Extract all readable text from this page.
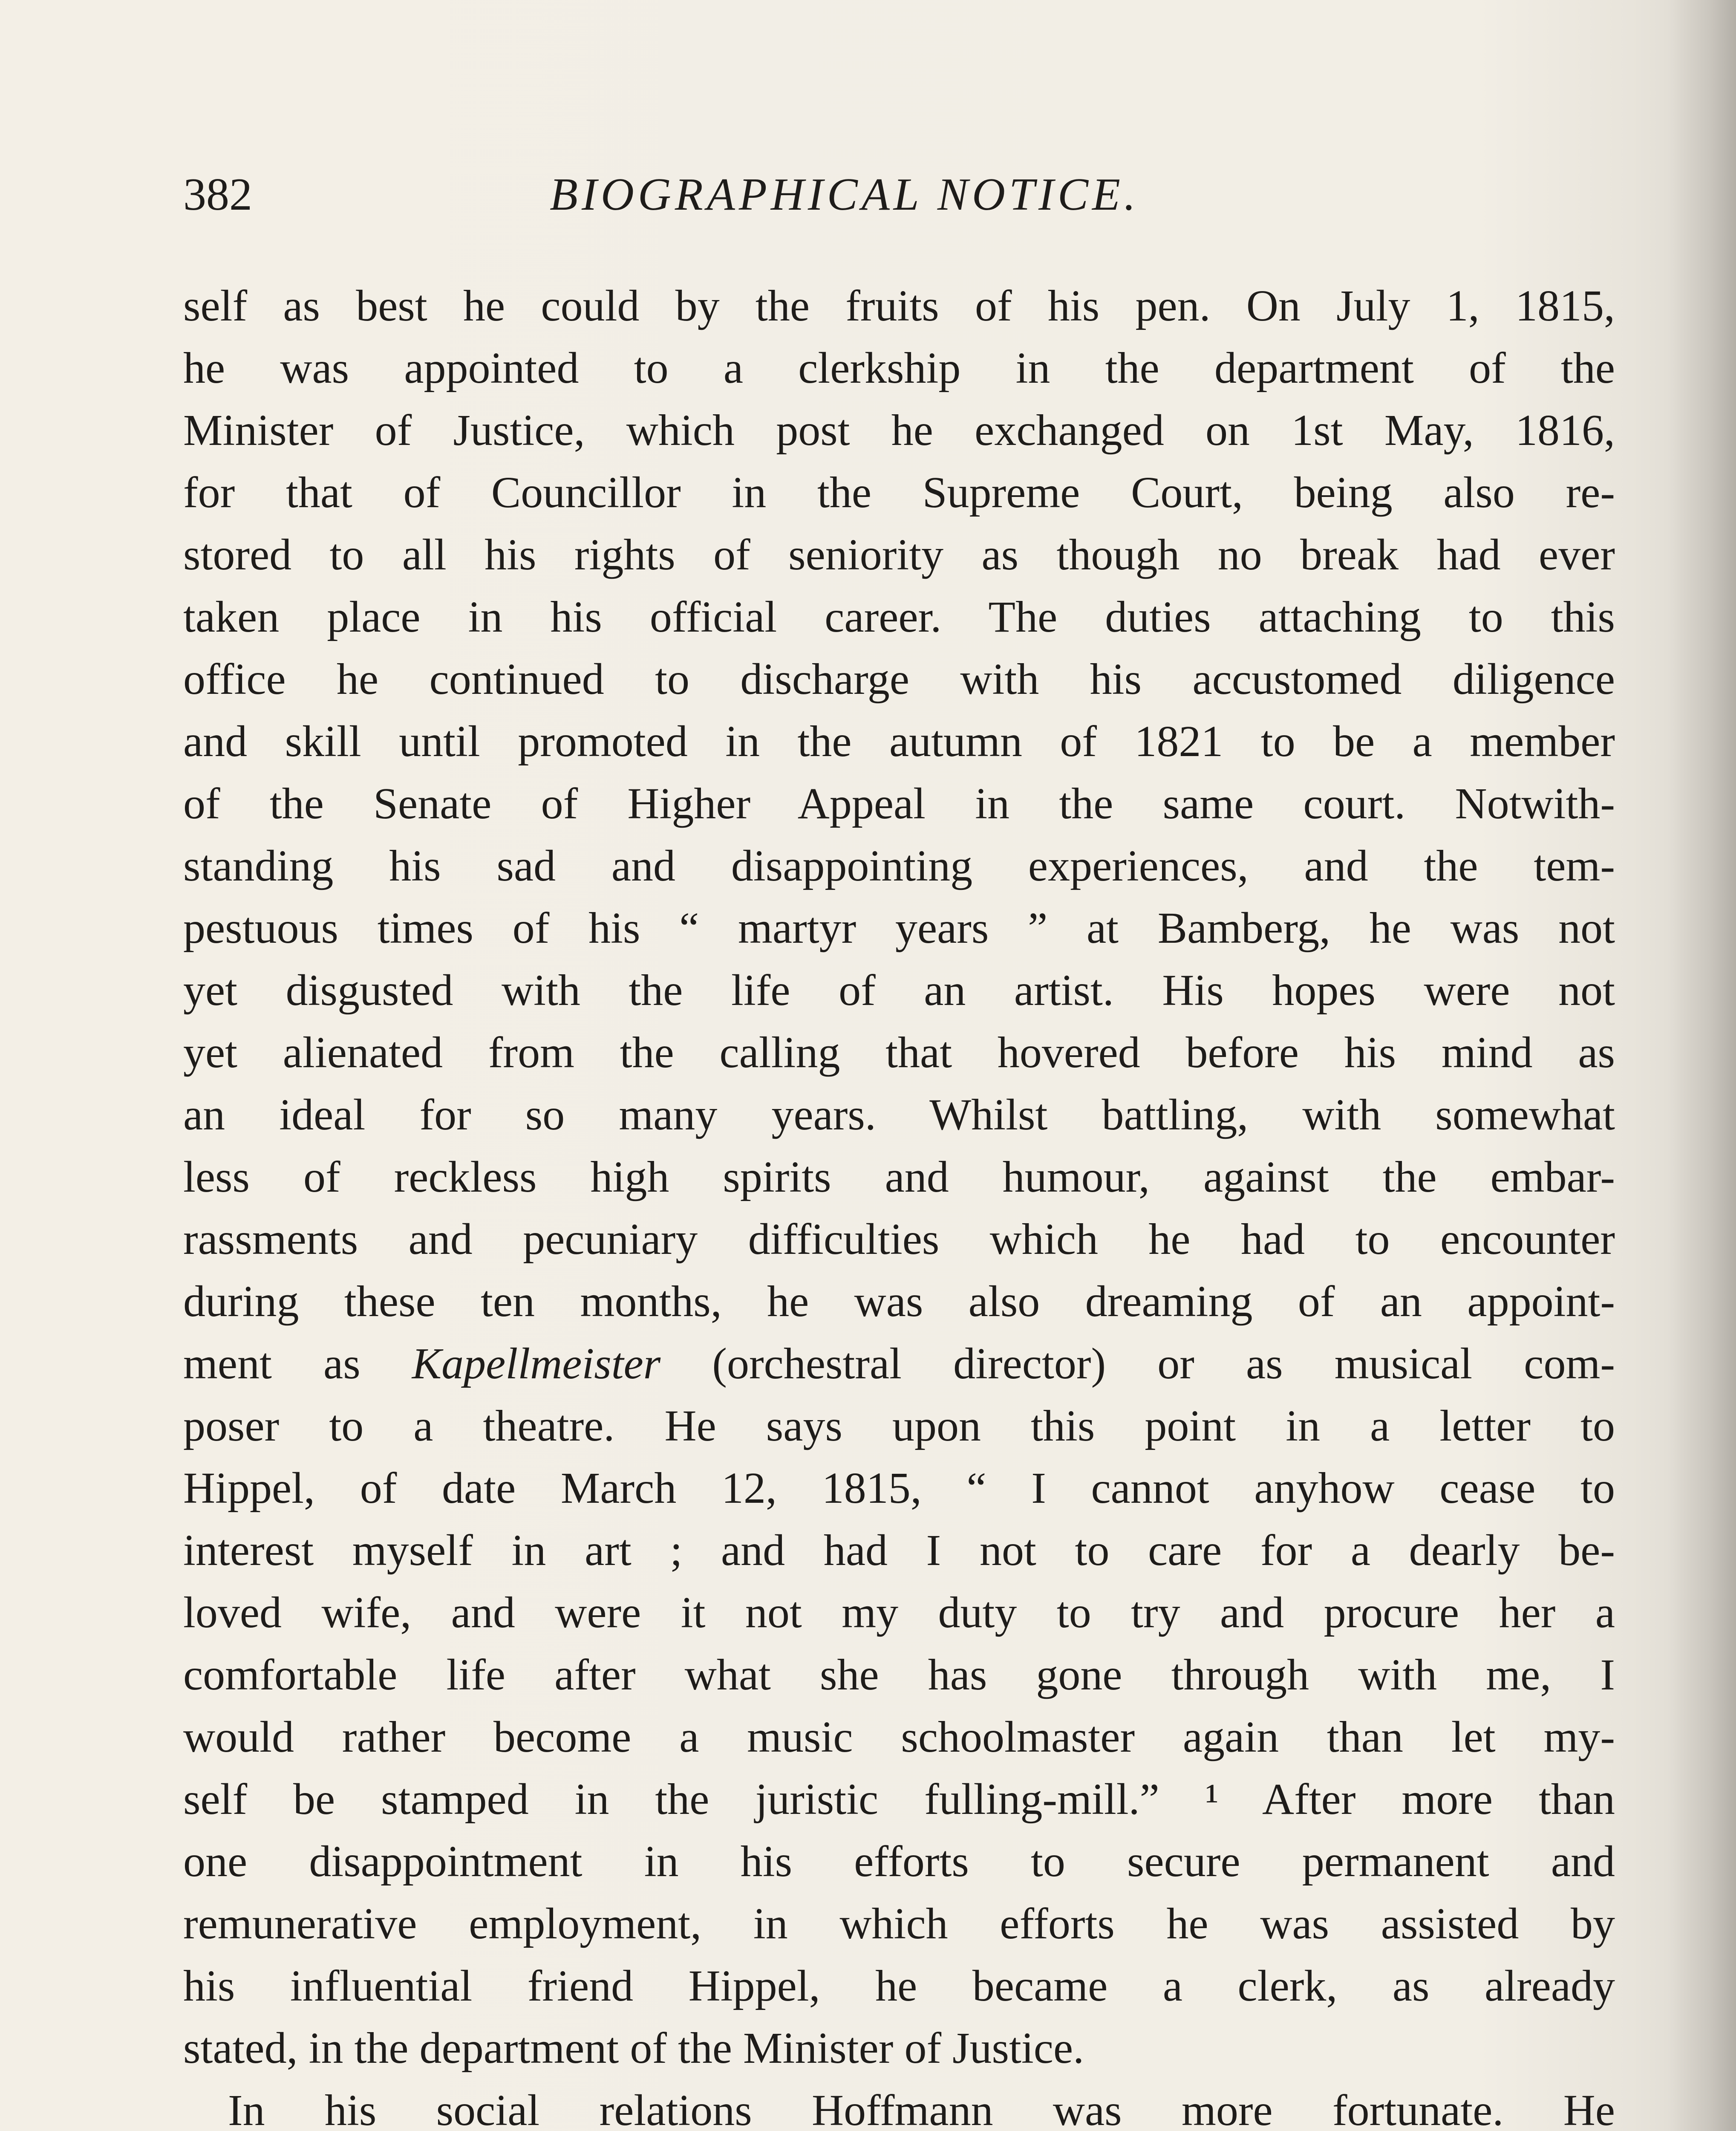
382	BIOGRAPHICAL NOTICE.
self as best he could by the fruits of his pen. On July 1, 1815,
he was appointed to a clerkship in the department of the
Minister of Justice, which post he exchanged on 1st May, 1816,
for that of Councillor in the Supreme Court, being also re-
stored to all his rights of seniority as though no break had ever
taken place in his official career. The duties attaching to this
office he continued to discharge with his accustomed diligence
and skill until promoted in the autumn of 1821 to be a member
of the Senate of Higher Appeal in the same court. Notwith-
standing his sad and disappointing experiences, and the tem-
pestuous times of his “ martyr years ” at Bamberg, he was not
yet disgusted with the life of an artist. His hopes were not
yet alienated from the calling that hovered before his mind as
an ideal for so many years. Whilst battling, with somewhat
less of reckless high spirits and humour, against the embar-
rassments and pecuniary difficulties which he had to encounter
during these ten months, he was also dreaming of an appoint-
ment as Kapellmeister (orchestral director) or as musical com-
poser to a theatre. He says upon this point in a letter to
Hippel, of date March 12, 1815, “ I cannot anyhow cease to
interest myself in art ; and had I not to care for a dearly be-
loved wife, and were it not my duty to try and procure her a
comfortable life after what she has gone through with me, I
would rather become a music schoolmaster again than let my-
self be stamped in the juristic fulling-mill.” ¹ After more than
one disappointment in his efforts to secure permanent and
remunerative employment, in which efforts he was assisted by
his influential friend Hippel, he became a clerk, as already
stated, in the department of the Minister of Justice.
In his social relations Hoffmann was more fortunate. He
